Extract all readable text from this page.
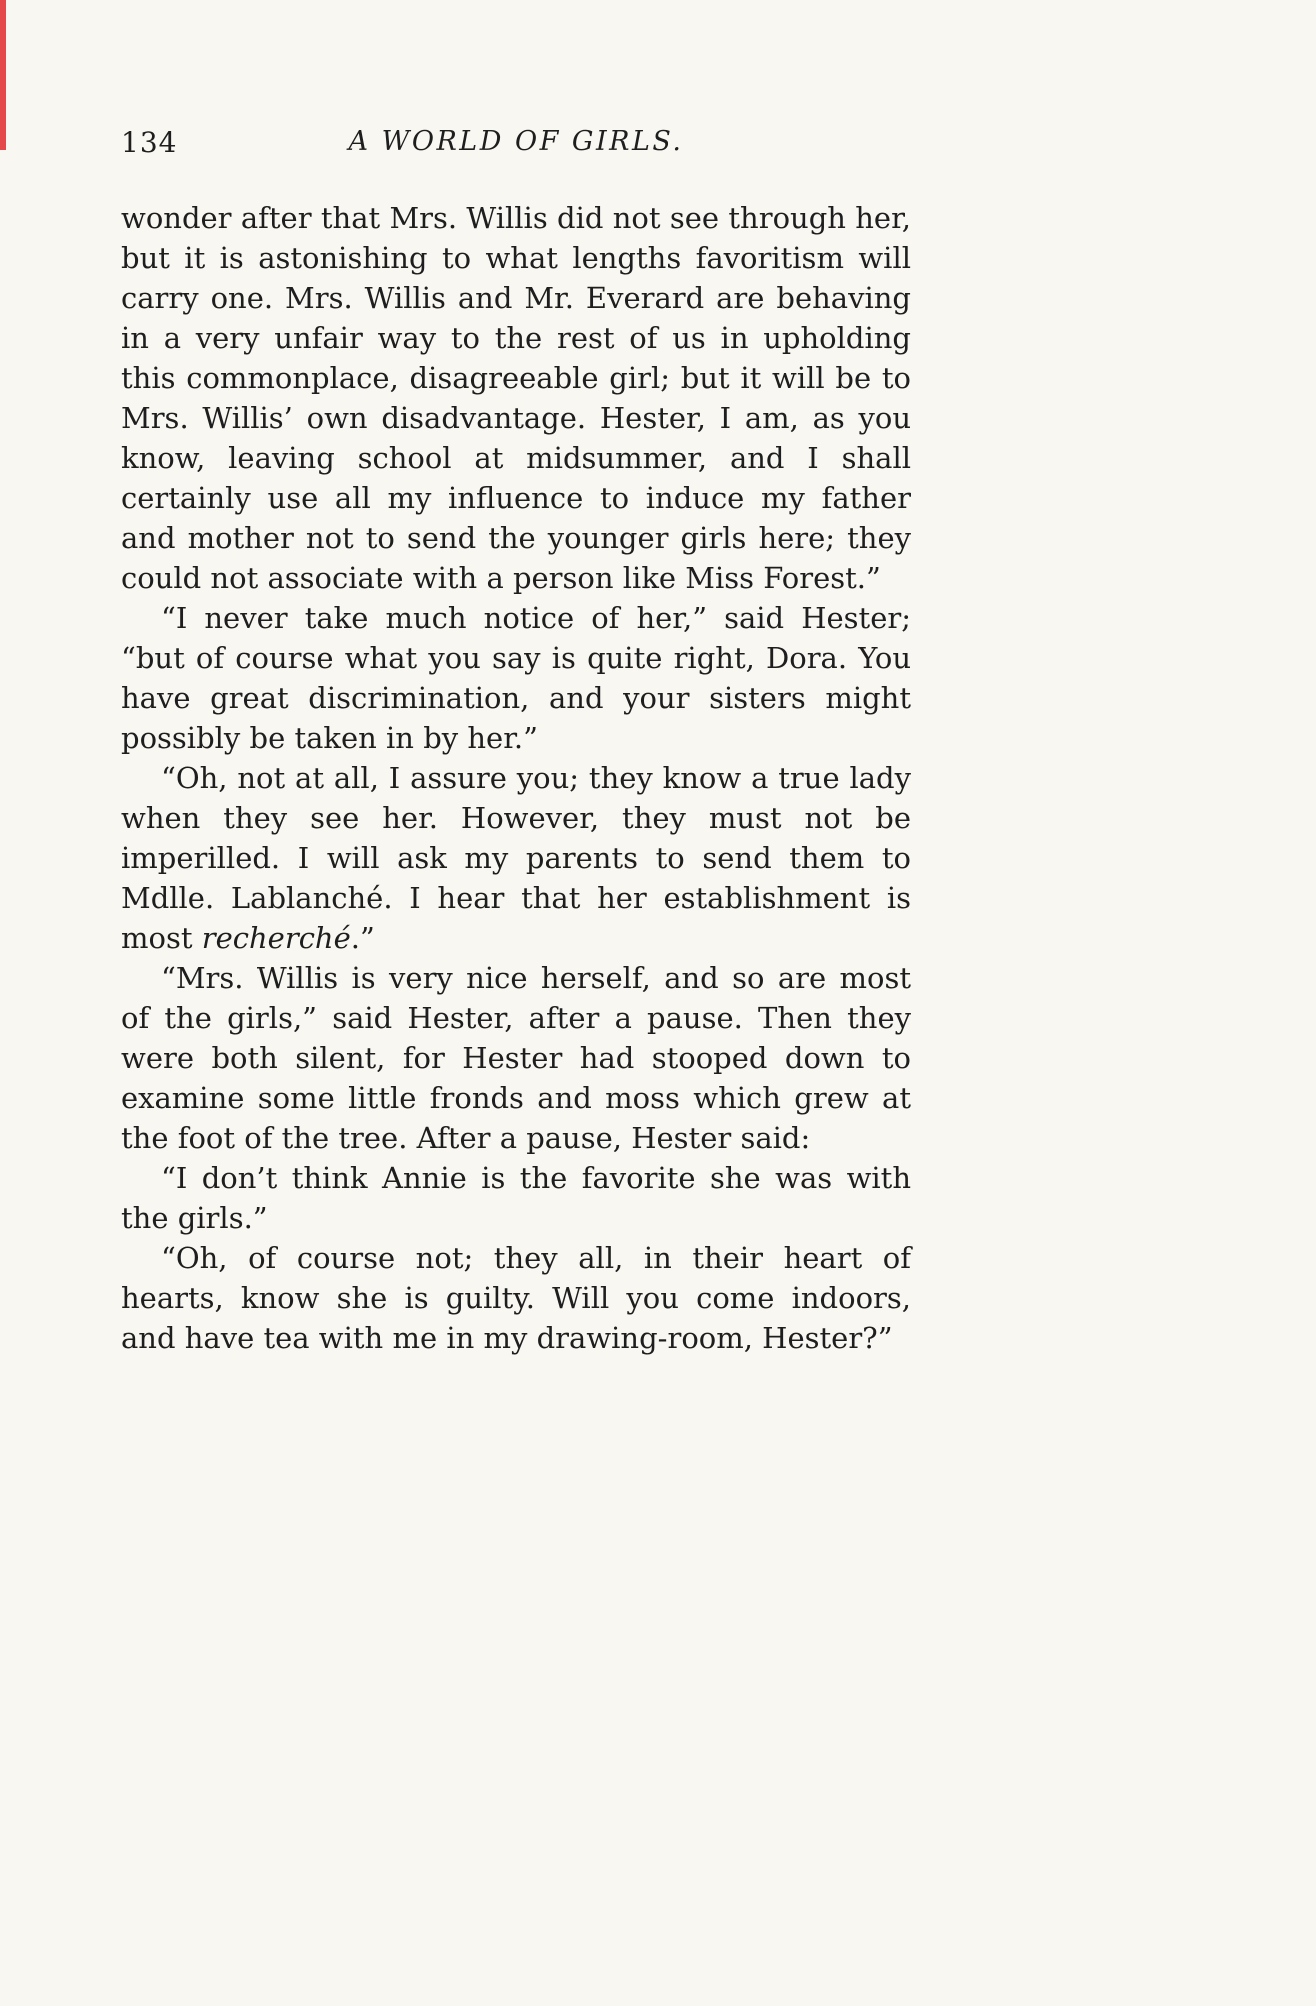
134	A WORLD OF GIRLS.

wonder after that Mrs. Willis did not see through her, but it is astonishing to what lengths favoritism will carry one. Mrs. Willis and Mr. Everard are behaving in a very unfair way to the rest of us in upholding this commonplace, disagreeable girl; but it will be to Mrs. Willis’ own disadvantage. Hester, I am, as you know, leaving school at midsummer, and I shall certainly use all my influence to induce my father and mother not to send the younger girls here; they could not associate with a person like Miss Forest.”

“I never take much notice of her,” said Hester; “but of course what you say is quite right, Dora. You have great discrimination, and your sisters might possibly be taken in by her.”

“Oh, not at all, I assure you; they know a true lady when they see her. However, they must not be imperilled. I will ask my parents to send them to Mdlle. Lablanché. I hear that her establishment is most recherché.”

“Mrs. Willis is very nice herself, and so are most of the girls,” said Hester, after a pause. Then they were both silent, for Hester had stooped down to examine some little fronds and moss which grew at the foot of the tree. After a pause, Hester said:

“I don’t think Annie is the favorite she was with the girls.”

“Oh, of course not; they all, in their heart of hearts, know she is guilty. Will you come indoors, and have tea with me in my drawing-room, Hester?”
